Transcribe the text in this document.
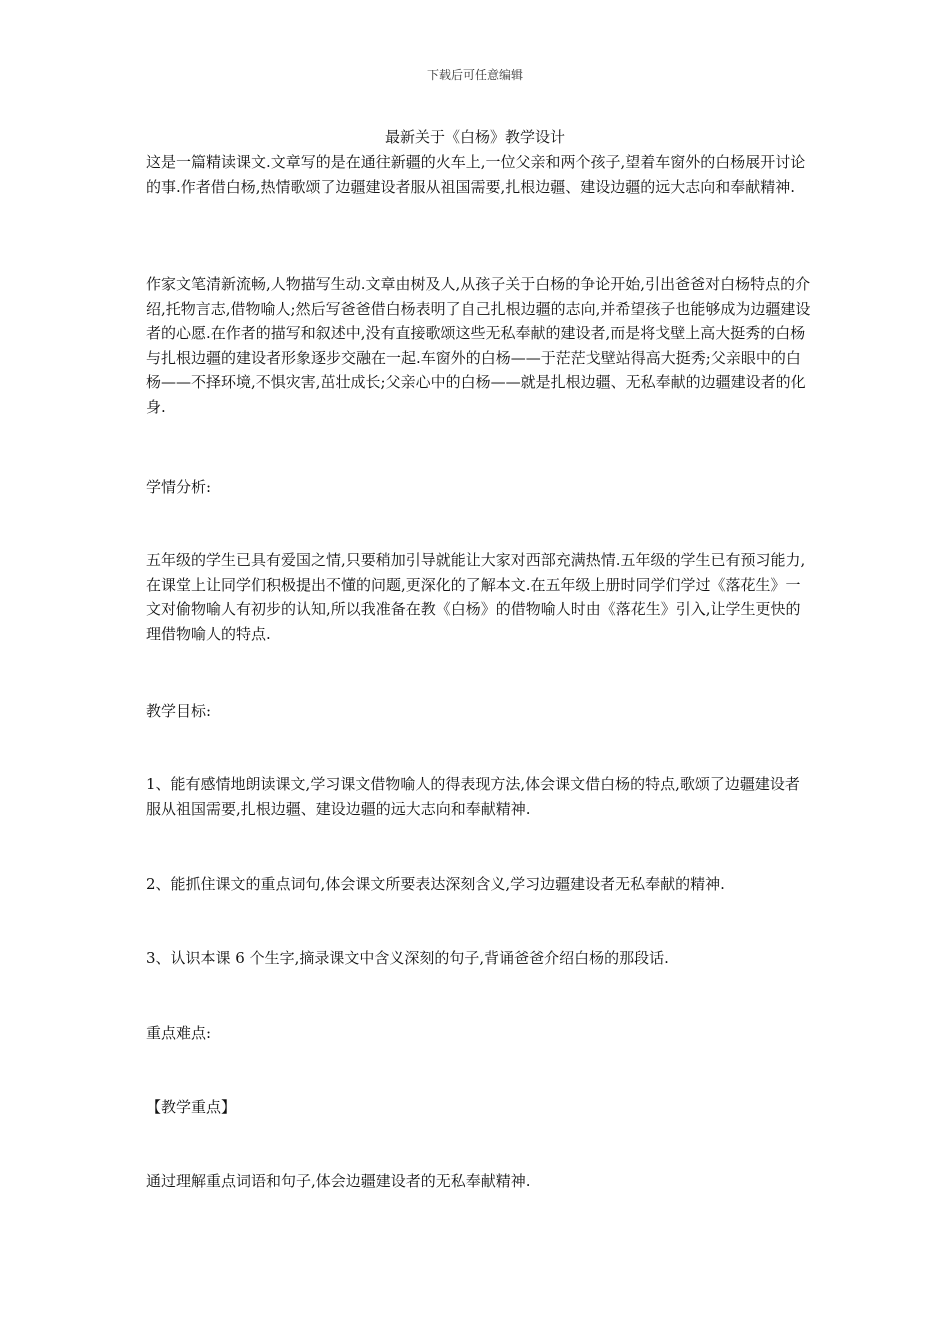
下载后可任意编辑
最新关于《白杨》教学设计

这是一篇精读课文.文章写的是在通往新疆的火车上,一位父亲和两个孩子,望着车窗外的白杨展开讨论的事.作者借白杨,热情歌颂了边疆建设者服从祖国需要,扎根边疆、建设边疆的远大志向和奉献精神.

作家文笔清新流畅,人物描写生动.文章由树及人,从孩子关于白杨的争论开始,引出爸爸对白杨特点的介绍,托物言志,借物喻人;然后写爸爸借白杨表明了自己扎根边疆的志向,并希望孩子也能够成为边疆建设者的心愿.在作者的描写和叙述中,没有直接歌颂这些无私奉献的建设者,而是将戈壁上高大挺秀的白杨与扎根边疆的建设者形象逐步交融在一起.车窗外的白杨——于茫茫戈壁站得高大挺秀;父亲眼中的白杨——不择环境,不惧灾害,茁壮成长;父亲心中的白杨——就是扎根边疆、无私奉献的边疆建设者的化身.

学情分析:

五年级的学生已具有爱国之情,只要稍加引导就能让大家对西部充满热情.五年级的学生已有预习能力,在课堂上让同学们积极提出不懂的问题,更深化的了解本文.在五年级上册时同学们学过《落花生》一文对偷物喻人有初步的认知,所以我准备在教《白杨》的借物喻人时由《落花生》引入,让学生更快的理借物喻人的特点.

教学目标:

1、能有感情地朗读课文,学习课文借物喻人的得表现方法,体会课文借白杨的特点,歌颂了边疆建设者服从祖国需要,扎根边疆、建设边疆的远大志向和奉献精神.

2、能抓住课文的重点词句,体会课文所要表达深刻含义,学习边疆建设者无私奉献的精神.

3、认识本课 6 个生字,摘录课文中含义深刻的句子,背诵爸爸介绍白杨的那段话.

重点难点:

【教学重点】

通过理解重点词语和句子,体会边疆建设者的无私奉献精神.
